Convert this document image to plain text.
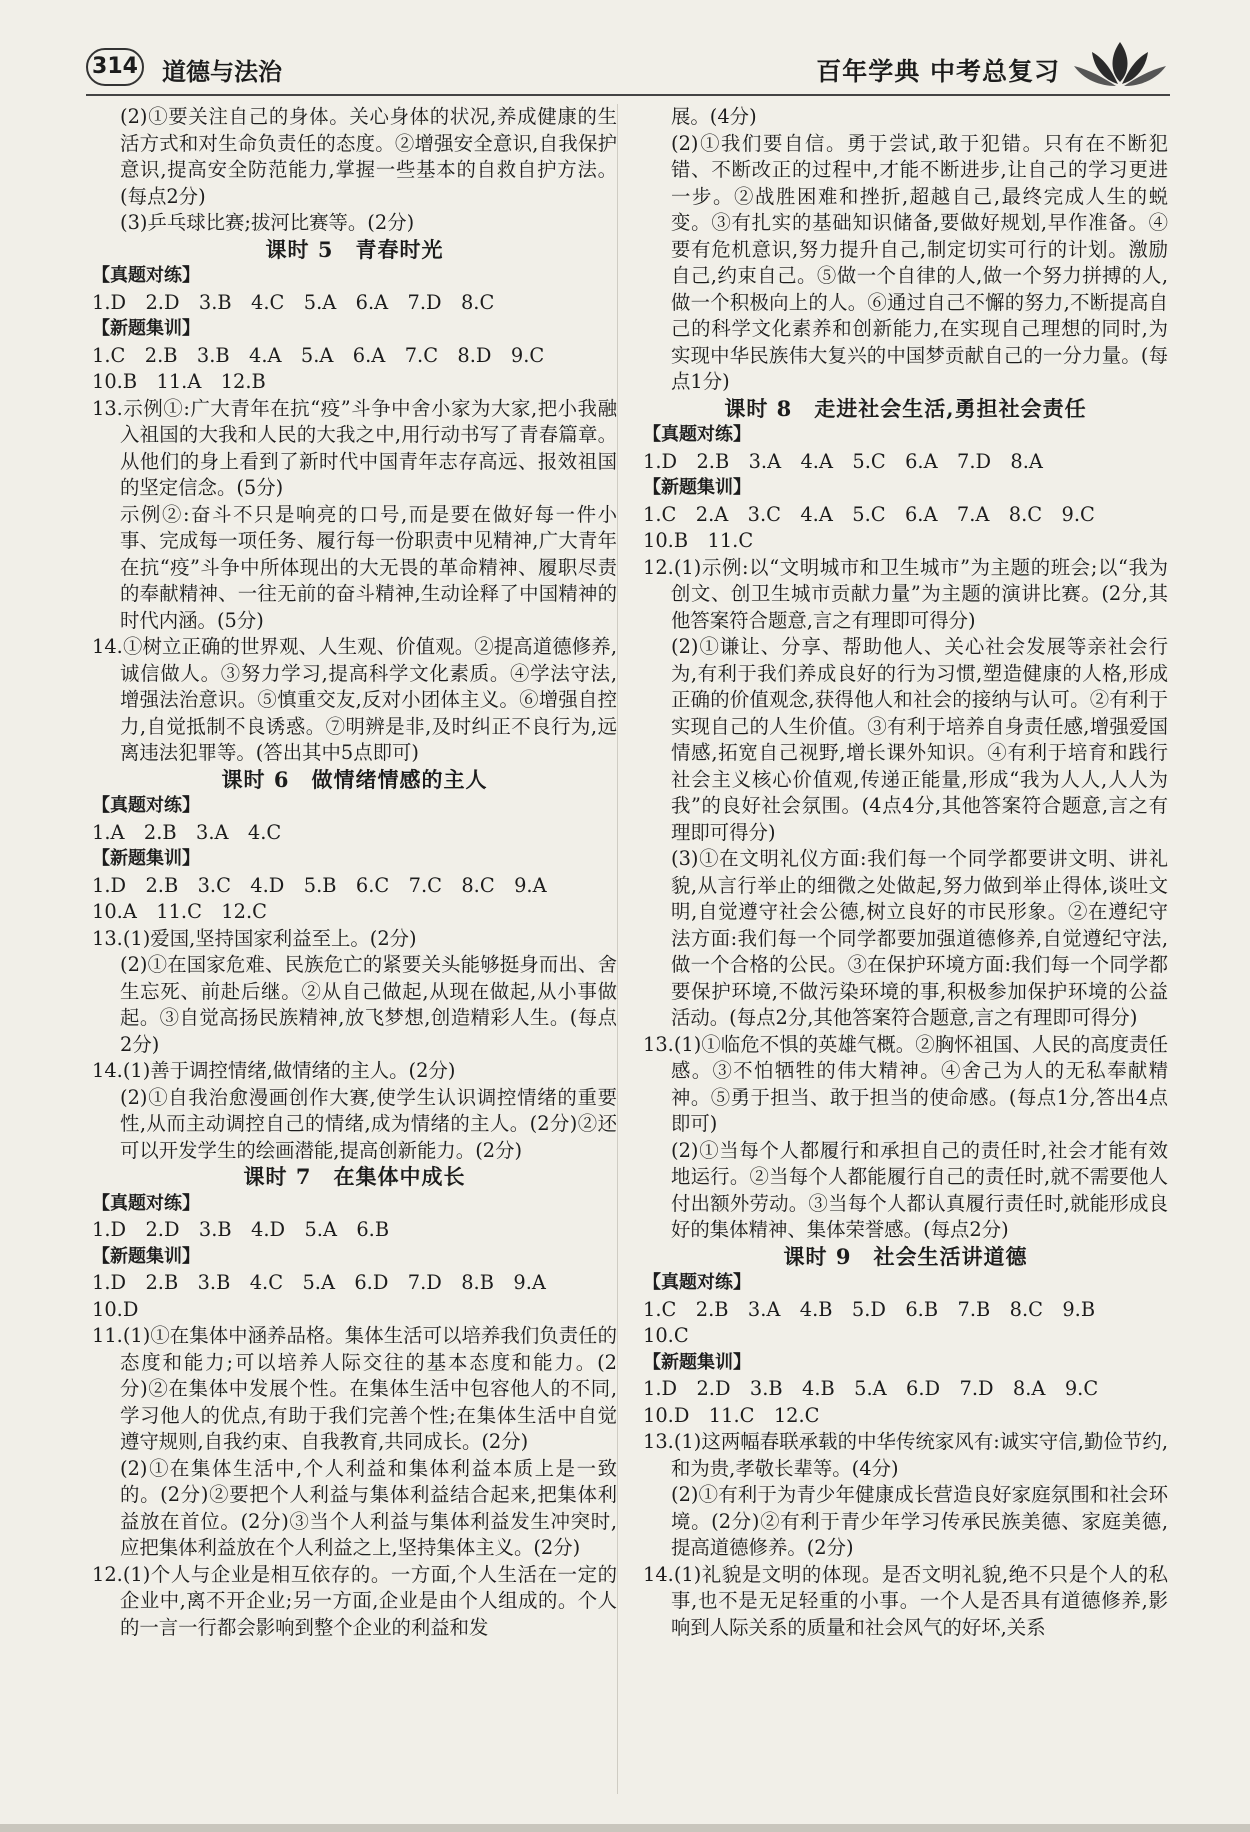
314 道德与法治	百年学典 中考总复习

(2)①要关注自己的身体。关心身体的状况,养成健康的生活方式和对生命负责任的态度。②增强安全意识,自我保护意识,提高安全防范能力,掌握一些基本的自救自护方法。(每点2分)

(3)乒乓球比赛;拔河比赛等。(2分)

课时 5　青春时光

【真题对练】

1.D　2.D　3.B　4.C　5.A　6.A　7.D　8.C

【新题集训】

1.C　2.B　3.B　4.A　5.A　6.A　7.C　8.D　9.C

10.B　11.A　12.B

13.示例①:广大青年在抗“疫”斗争中舍小家为大家,把小我融入祖国的大我和人民的大我之中,用行动书写了青春篇章。从他们的身上看到了新时代中国青年志存高远、报效祖国的坚定信念。(5分)

示例②:奋斗不只是响亮的口号,而是要在做好每一件小事、完成每一项任务、履行每一份职责中见精神,广大青年在抗“疫”斗争中所体现出的大无畏的革命精神、履职尽责的奉献精神、一往无前的奋斗精神,生动诠释了中国精神的时代内涵。(5分)

14.①树立正确的世界观、人生观、价值观。②提高道德修养,诚信做人。③努力学习,提高科学文化素质。④学法守法,增强法治意识。⑤慎重交友,反对小团体主义。⑥增强自控力,自觉抵制不良诱惑。⑦明辨是非,及时纠正不良行为,远离违法犯罪等。(答出其中5点即可)

课时 6　做情绪情感的主人

【真题对练】

1.A　2.B　3.A　4.C

【新题集训】

1.D　2.B　3.C　4.D　5.B　6.C　7.C　8.C　9.A

10.A　11.C　12.C

13.(1)爱国,坚持国家利益至上。(2分)

(2)①在国家危难、民族危亡的紧要关头能够挺身而出、舍生忘死、前赴后继。②从自己做起,从现在做起,从小事做起。③自觉高扬民族精神,放飞梦想,创造精彩人生。(每点2分)

14.(1)善于调控情绪,做情绪的主人。(2分)

(2)①自我治愈漫画创作大赛,使学生认识调控情绪的重要性,从而主动调控自己的情绪,成为情绪的主人。(2分)②还可以开发学生的绘画潜能,提高创新能力。(2分)

课时 7　在集体中成长

【真题对练】

1.D　2.D　3.B　4.D　5.A　6.B

【新题集训】

1.D　2.B　3.B　4.C　5.A　6.D　7.D　8.B　9.A

10.D

11.(1)①在集体中涵养品格。集体生活可以培养我们负责任的态度和能力;可以培养人际交往的基本态度和能力。(2分)②在集体中发展个性。在集体生活中包容他人的不同,学习他人的优点,有助于我们完善个性;在集体生活中自觉遵守规则,自我约束、自我教育,共同成长。(2分)

(2)①在集体生活中,个人利益和集体利益本质上是一致的。(2分)②要把个人利益与集体利益结合起来,把集体利益放在首位。(2分)③当个人利益与集体利益发生冲突时,应把集体利益放在个人利益之上,坚持集体主义。(2分)

12.(1)个人与企业是相互依存的。一方面,个人生活在一定的企业中,离不开企业;另一方面,企业是由个人组成的。个人的一言一行都会影响到整个企业的利益和发

展。(4分)

(2)①我们要自信。勇于尝试,敢于犯错。只有在不断犯错、不断改正的过程中,才能不断进步,让自己的学习更进一步。②战胜困难和挫折,超越自己,最终完成人生的蜕变。③有扎实的基础知识储备,要做好规划,早作准备。④要有危机意识,努力提升自己,制定切实可行的计划。激励自己,约束自己。⑤做一个自律的人,做一个努力拼搏的人,做一个积极向上的人。⑥通过自己不懈的努力,不断提高自己的科学文化素养和创新能力,在实现自己理想的同时,为实现中华民族伟大复兴的中国梦贡献自己的一分力量。(每点1分)

课时 8　走进社会生活,勇担社会责任

【真题对练】

1.D　2.B　3.A　4.A　5.C　6.A　7.D　8.A

【新题集训】

1.C　2.A　3.C　4.A　5.C　6.A　7.A　8.C　9.C

10.B　11.C

12.(1)示例:以“文明城市和卫生城市”为主题的班会;以“我为创文、创卫生城市贡献力量”为主题的演讲比赛。(2分,其他答案符合题意,言之有理即可得分)

(2)①谦让、分享、帮助他人、关心社会发展等亲社会行为,有利于我们养成良好的行为习惯,塑造健康的人格,形成正确的价值观念,获得他人和社会的接纳与认可。②有利于实现自己的人生价值。③有利于培养自身责任感,增强爱国情感,拓宽自己视野,增长课外知识。④有利于培育和践行社会主义核心价值观,传递正能量,形成“我为人人,人人为我”的良好社会氛围。(4点4分,其他答案符合题意,言之有理即可得分)

(3)①在文明礼仪方面:我们每一个同学都要讲文明、讲礼貌,从言行举止的细微之处做起,努力做到举止得体,谈吐文明,自觉遵守社会公德,树立良好的市民形象。②在遵纪守法方面:我们每一个同学都要加强道德修养,自觉遵纪守法,做一个合格的公民。③在保护环境方面:我们每一个同学都要保护环境,不做污染环境的事,积极参加保护环境的公益活动。(每点2分,其他答案符合题意,言之有理即可得分)

13.(1)①临危不惧的英雄气概。②胸怀祖国、人民的高度责任感。③不怕牺牲的伟大精神。④舍己为人的无私奉献精神。⑤勇于担当、敢于担当的使命感。(每点1分,答出4点即可)

(2)①当每个人都履行和承担自己的责任时,社会才能有效地运行。②当每个人都能履行自己的责任时,就不需要他人付出额外劳动。③当每个人都认真履行责任时,就能形成良好的集体精神、集体荣誉感。(每点2分)

课时 9　社会生活讲道德

【真题对练】

1.C　2.B　3.A　4.B　5.D　6.B　7.B　8.C　9.B

10.C

【新题集训】

1.D　2.D　3.B　4.B　5.A　6.D　7.D　8.A　9.C

10.D　11.C　12.C

13.(1)这两幅春联承载的中华传统家风有:诚实守信,勤俭节约,和为贵,孝敬长辈等。(4分)

(2)①有利于为青少年健康成长营造良好家庭氛围和社会环境。(2分)②有利于青少年学习传承民族美德、家庭美德,提高道德修养。(2分)

14.(1)礼貌是文明的体现。是否文明礼貌,绝不只是个人的私事,也不是无足轻重的小事。一个人是否具有道德修养,影响到人际关系的质量和社会风气的好坏,关系
